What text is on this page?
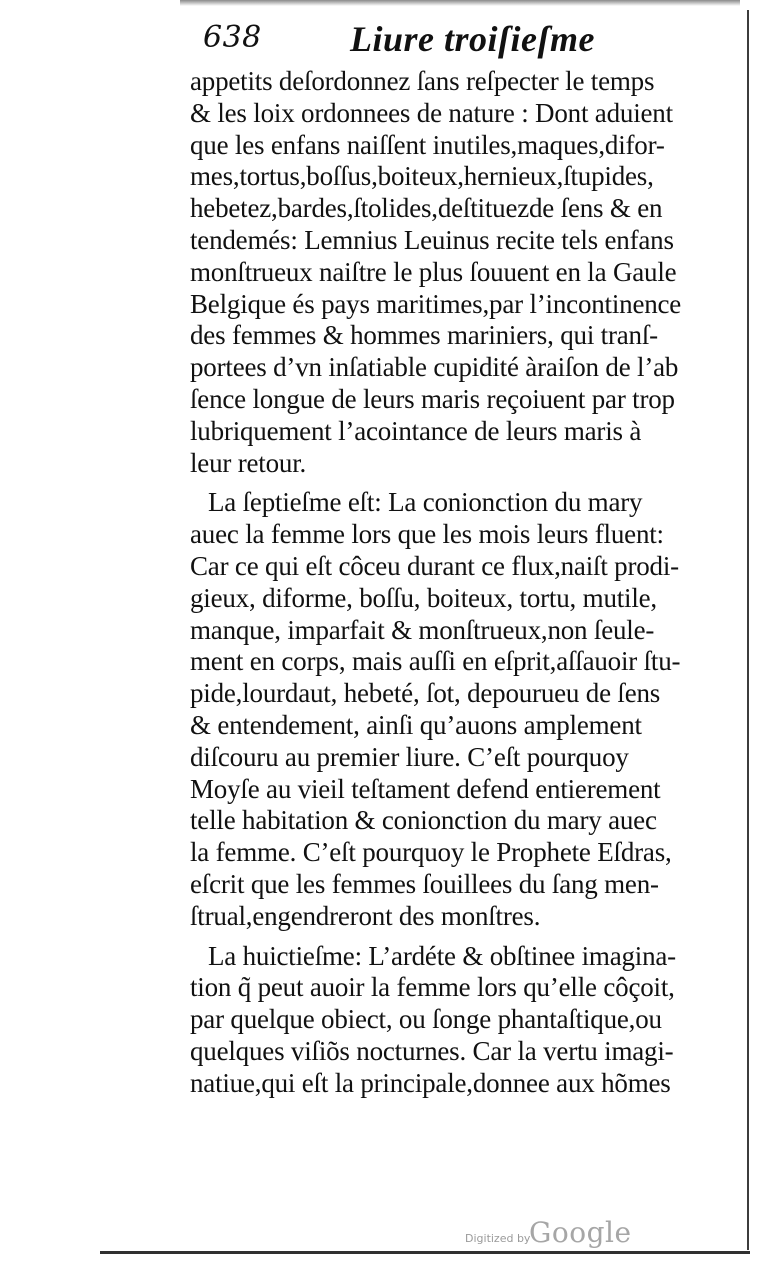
638 Liure troiſieſme
appetits deſordonnez ſans reſpecter le temps
& les loix ordonnees de nature : Dont aduient
que les enfans naiſſent inutiles,maques,difor-
mes,tortus,boſſus,boiteux,hernieux,ſtupides,
hebetez,bardes,ſtolides,deſtituezde ſens & en
tendemés: Lemnius Leuinus recite tels enfans
monſtrueux naiſtre le plus ſouuent en la Gaule
Belgique és pays maritimes,par l’incontinence
des femmes & hommes mariniers, qui tranſ-
portees d’vn inſatiable cupidité àraiſon de l’ab
ſence longue de leurs maris reçoiuent par trop
lubriquement l’acointance de leurs maris à
leur retour.
La ſeptieſme eſt: La conionction du mary
auec la femme lors que les mois leurs fluent:
Car ce qui eſt côceu durant ce flux,naiſt prodi-
gieux, diforme, boſſu, boiteux, tortu, mutile,
manque, imparfait & monſtrueux,non ſeule-
ment en corps, mais auſſi en eſprit,aſſauoir ſtu-
pide,lourdaut, hebeté, ſot, depourueu de ſens
& entendement, ainſi qu’auons amplement
diſcouru au premier liure. C’eſt pourquoy
Moyſe au vieil teſtament defend entierement
telle habitation & conionction du mary auec
la femme. C’eſt pourquoy le Prophete Eſdras,
eſcrit que les femmes ſouillees du ſang men-
ſtrual,engendreront des monſtres.
La huictieſme: L’ardéte & obſtinee imagina-
tion q̃ peut auoir la femme lors qu’elle côçoit,
par quelque obiect, ou ſonge phantaſtique,ou
quelques viſiõs nocturnes. Car la vertu imagi-
natiue,qui eſt la principale,donnee aux hõmes
Digitized by
Google
